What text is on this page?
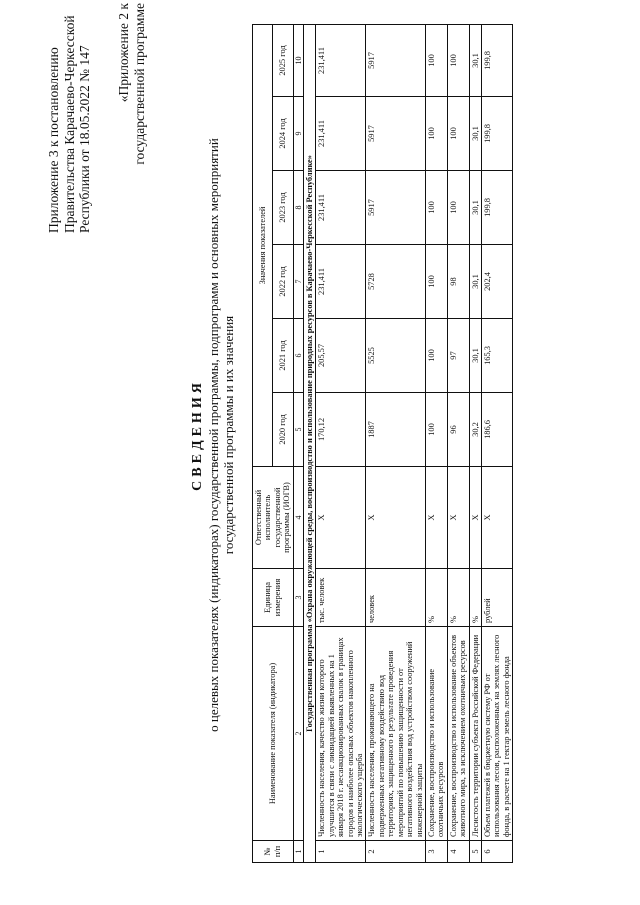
Приложение 3 к постановлению Правительства Карачаево-Черкесской Республики от 18.05.2022 № 147 «Приложение 2 к государственной программе
СВЕДЕНИЯ о целевых показателях (индикаторах) государственной программы, подпрограмм и основных мероприятий государственной программы и их значения
№ п/п	Наименование показателя (индикатора)	Единица измерения	Ответственный исполнитель государственной программы (ИОГВ)	Значения показателей					
				2020 год	2021 год	2022 год	2023 год	2024 год	2025 год
1	2	3	4	5	6	7	8	9	10
Государственная программа «Охрана окружающей среды, воспроизводство и использование природных ресурсов в Карачаево-Черкесской Республике»									
1	Численность населения, качество жизни которого улучшится в связи с ликвидацией выявленных на 1 января 2018 г. несанкционированных свалок в границах городов и наиболее опасных объектов накопленного экологического ущерба	тыс. человек	X	170,12	205,57	231,411	231,411	231,411	231,411
2	Численность населения, проживающего на подверженных негативному воздействию вод территориях, защищенного в результате проведения мероприятий по повышению защищенности от негативного воздействия вод устройством сооружений инженерной защиты	человек	X	1887	5525	5728	5917	5917	5917
3	Сохранение, воспроизводство и использование охотничьих ресурсов	%	X	100	100	100	100	100	100
4	Сохранение, воспроизводство и использование объектов животного мира, за исключением охотничьих ресурсов	%	X	96	97	98	100	100	100
5	Лесистость территории субъекта Российской Федерации	%	X	30,2	30,1	30,1	30,1	30,1	30,1
6	Объем платежей в бюджетную систему РФ от использования лесов, расположенных на землях лесного фонда, в расчете на 1 гектар земель лесного фонда	рублей	X	186,6	165,3	202,4	199,8	199,8	199,8
